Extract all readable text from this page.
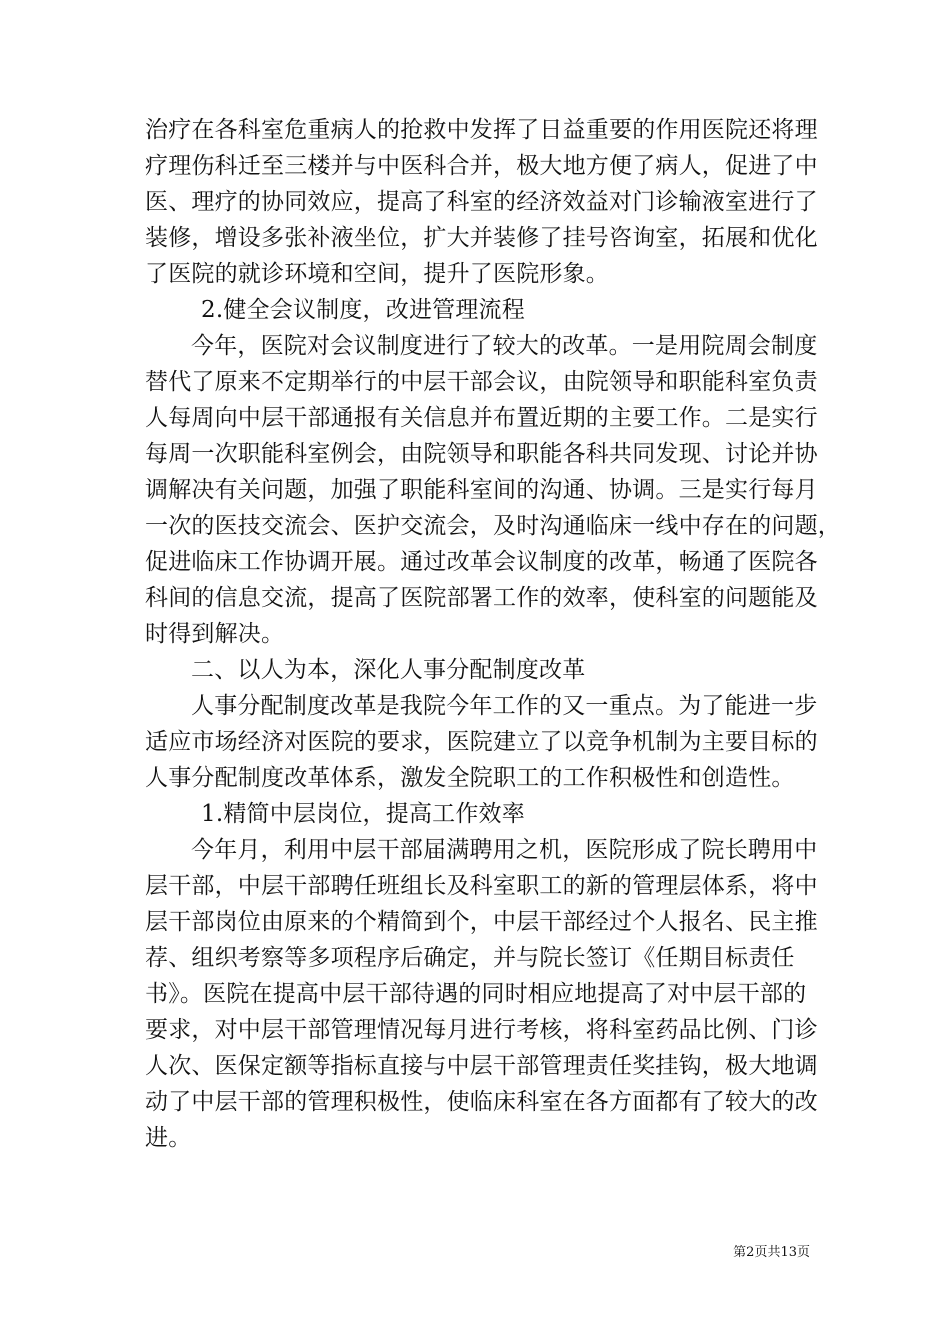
治疗在各科室危重病人的抢救中发挥了日益重要的作用医院还将理
疗理伤科迁至三楼并与中医科合并，极大地方便了病人，促进了中
医、理疗的协同效应，提高了科室的经济效益对门诊输液室进行了
装修，增设多张补液坐位，扩大并装修了挂号咨询室，拓展和优化
了医院的就诊环境和空间，提升了医院形象。
2.健全会议制度，改进管理流程
今年，医院对会议制度进行了较大的改革。一是用院周会制度
替代了原来不定期举行的中层干部会议，由院领导和职能科室负责
人每周向中层干部通报有关信息并布置近期的主要工作。二是实行
每周一次职能科室例会，由院领导和职能各科共同发现、讨论并协
调解决有关问题，加强了职能科室间的沟通、协调。三是实行每月
一次的医技交流会、医护交流会，及时沟通临床一线中存在的问题，
促进临床工作协调开展。通过改革会议制度的改革，畅通了医院各
科间的信息交流，提高了医院部署工作的效率，使科室的问题能及
时得到解决。
二、以人为本，深化人事分配制度改革
人事分配制度改革是我院今年工作的又一重点。为了能进一步
适应市场经济对医院的要求，医院建立了以竞争机制为主要目标的
人事分配制度改革体系，激发全院职工的工作积极性和创造性。
1.精简中层岗位，提高工作效率
今年月，利用中层干部届满聘用之机，医院形成了院长聘用中
层干部，中层干部聘任班组长及科室职工的新的管理层体系，将中
层干部岗位由原来的个精简到个，中层干部经过个人报名、民主推
荐、组织考察等多项程序后确定，并与院长签订《任期目标责任
书》。医院在提高中层干部待遇的同时相应地提高了对中层干部的
要求，对中层干部管理情况每月进行考核，将科室药品比例、门诊
人次、医保定额等指标直接与中层干部管理责任奖挂钩，极大地调
动了中层干部的管理积极性，使临床科室在各方面都有了较大的改
进。
第2页共13页
